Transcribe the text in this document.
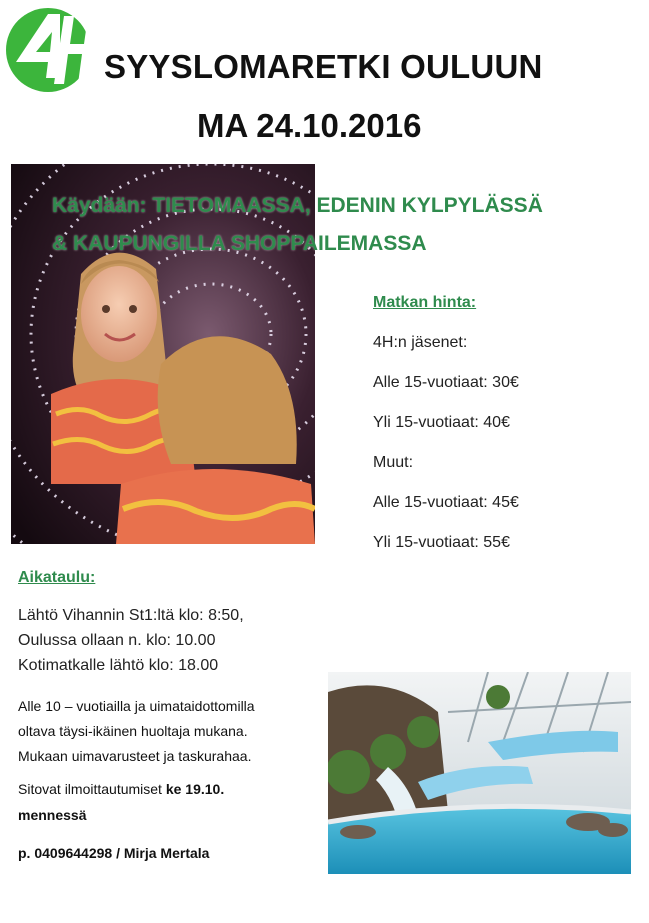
SYYSLOMARETKI OULUUN
MA 24.10.2016
Käydään: TIETOMAASSA, EDENIN KYLPYLÄSSÄ
& KAUPUNGILLA SHOPPAILEMASSA
Matkan hinta:
4H:n jäsenet:
Alle 15-vuotiaat: 30€
Yli 15-vuotiaat: 40€
Muut:
Alle 15-vuotiaat: 45€
Yli 15-vuotiaat: 55€
Aikataulu:
Lähtö Vihannin St1:ltä klo: 8:50,
Oulussa ollaan n. klo: 10.00
Kotimatkalle lähtö klo: 18.00
Alle 10 – vuotiailla ja uimataidottomilla
oltava täysi-ikäinen huoltaja mukana.
Mukaan uimavarusteet ja taskurahaa.
Sitovat ilmoittautumiset ke 19.10.
mennessä
p. 0409644298 / Mirja Mertala
